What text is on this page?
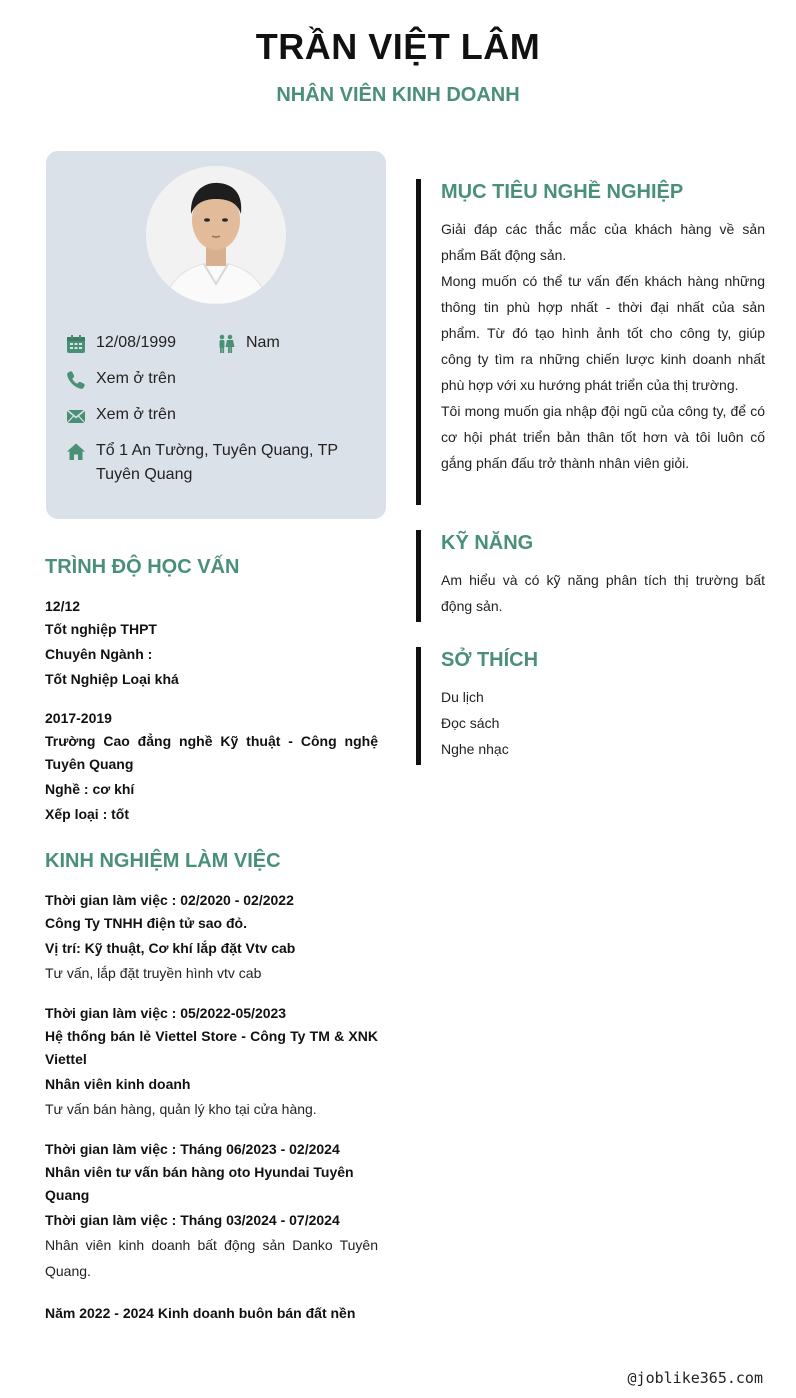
TRẦN VIỆT LÂM
NHÂN VIÊN KINH DOANH
12/08/1999	Nam
Xem ở trên
Xem ở trên
Tổ 1 An Tường, Tuyên Quang, TP Tuyên Quang
TRÌNH ĐỘ HỌC VẤN
12/12
Tốt nghiệp THPT
Chuyên Ngành :
Tốt Nghiệp Loại khá
2017-2019
Trường Cao đẳng nghề Kỹ thuật - Công nghệ Tuyên Quang
Nghề : cơ khí
Xếp loại : tốt
KINH NGHIỆM LÀM VIỆC
Thời gian làm việc : 02/2020 - 02/2022
Công Ty TNHH điện tử sao đỏ.
Vị trí: Kỹ thuật, Cơ khí lắp đặt Vtv cab
Tư vấn, lắp đặt truyền hình vtv cab
Thời gian làm việc : 05/2022-05/2023
Hệ thống bán lẻ Viettel Store - Công Ty TM & XNK Viettel
Nhân viên kinh doanh
Tư vấn bán hàng, quản lý kho tại cửa hàng.
Thời gian làm việc : Tháng 06/2023 - 02/2024
Nhân viên tư vấn bán hàng oto Hyundai Tuyên Quang
Thời gian làm việc : Tháng 03/2024 - 07/2024
Nhân viên kinh doanh bất động sản Danko Tuyên Quang.
Năm 2022 - 2024 Kinh doanh buôn bán đất nền
MỤC TIÊU NGHỀ NGHIỆP
Giải đáp các thắc mắc của khách hàng về sản phẩm Bất động sản.
Mong muốn có thể tư vấn đến khách hàng những thông tin phù hợp nhất - thời đại nhất của sản phẩm. Từ đó tạo hình ảnh tốt cho công ty, giúp công ty tìm ra những chiến lược kinh doanh nhất phù hợp với xu hướng phát triển của thị trường.
Tôi mong muốn gia nhập đội ngũ của công ty, để có cơ hội phát triển bản thân tốt hơn và tôi luôn cố gắng phấn đấu trở thành nhân viên giỏi.
KỸ NĂNG
Am hiểu và có kỹ năng phân tích thị trường bất động sản.
SỞ THÍCH
Du lịch
Đọc sách
Nghe nhạc
@joblike365.com
